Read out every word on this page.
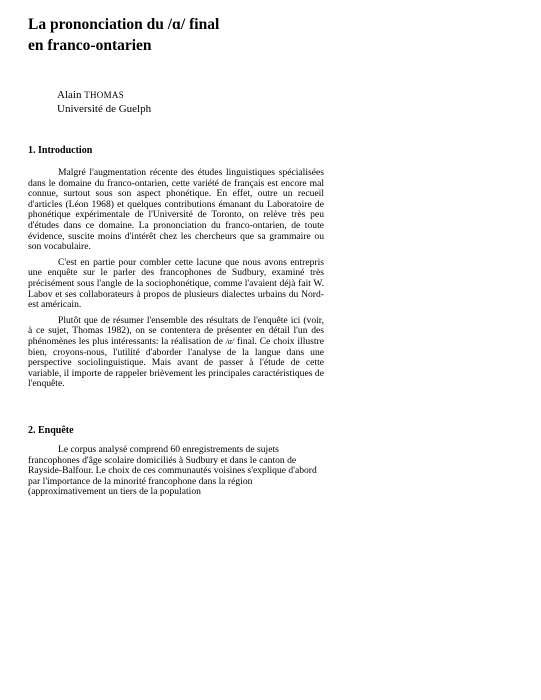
La prononciation du /ɑ/ final
en franco-ontarien
Alain THOMAS
Université de Guelph
1. Introduction

Malgré l'augmentation récente des études linguistiques spécialisées dans le domaine du franco-ontarien, cette variété de français est encore mal connue, surtout sous son aspect phonétique. En effet, outre un recueil d'articles (Léon 1968) et quelques contributions émanant du Laboratoire de phonétique expérimentale de l'Université de Toronto, on relève très peu d'études dans ce domaine. La prononciation du franco-ontarien, de toute évidence, suscite moins d'intérêt chez les chercheurs que sa grammaire ou son vocabulaire.

C'est en partie pour combler cette lacune que nous avons entrepris une enquête sur le parler des francophones de Sudbury, examiné très précisément sous l'angle de la sociophonétique, comme l'avaient déjà fait W. Labov et ses collaborateurs à propos de plusieurs dialectes urbains du Nord-est américain.

Plutôt que de résumer l'ensemble des résultats de l'enquête ici (voir, à ce sujet, Thomas 1982), on se contentera de présenter en détail l'un des phénomènes les plus intéressants: la réalisation de /ɑ/ final. Ce choix illustre bien, croyons-nous, l'utilité d'aborder l'analyse de la langue dans une perspective sociolinguistique. Mais avant de passer à l'étude de cette variable, il importe de rappeler brièvement les principales caractéristiques de l'enquête.

2. Enquête

Le corpus analysé comprend 60 enregistrements de sujets francophones d'âge scolaire domiciliés à Sudbury et dans le canton de Rayside-Balfour. Le choix de ces communautés voisines s'explique d'abord par l'importance de la minorité francophone dans la région (approximativement un tiers de la population
